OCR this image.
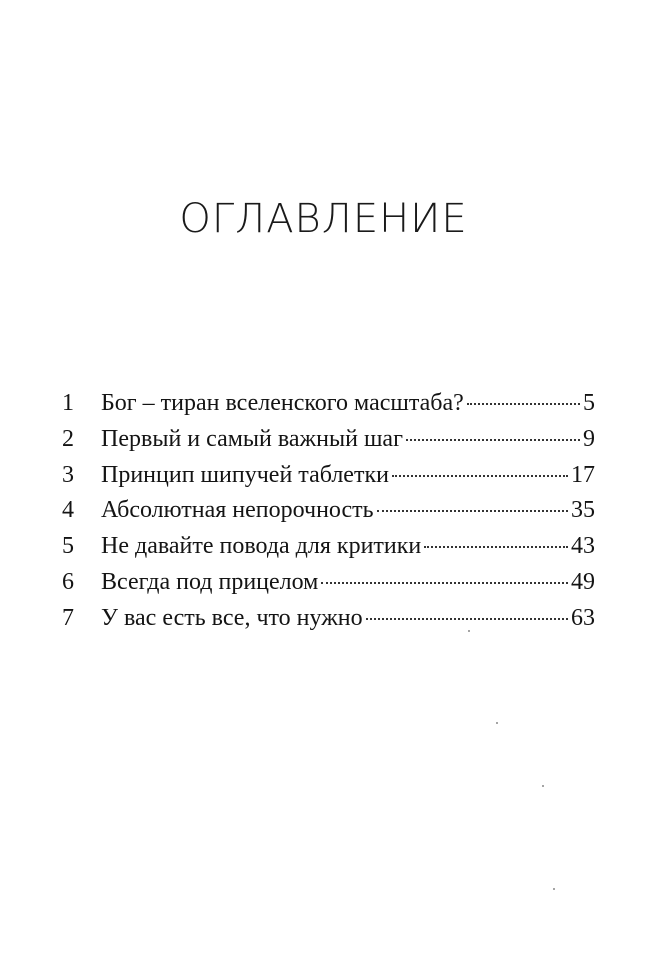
ОГЛАВЛЕНИЕ
1	Бог – тиран вселенского масштаба?	5
2	Первый и самый важный шаг	9
3	Принцип шипучей таблетки	17
4	Абсолютная непорочность	35
5	Не давайте повода для критики	43
6	Всегда под прицелом	49
7	У вас есть все, что нужно	63
